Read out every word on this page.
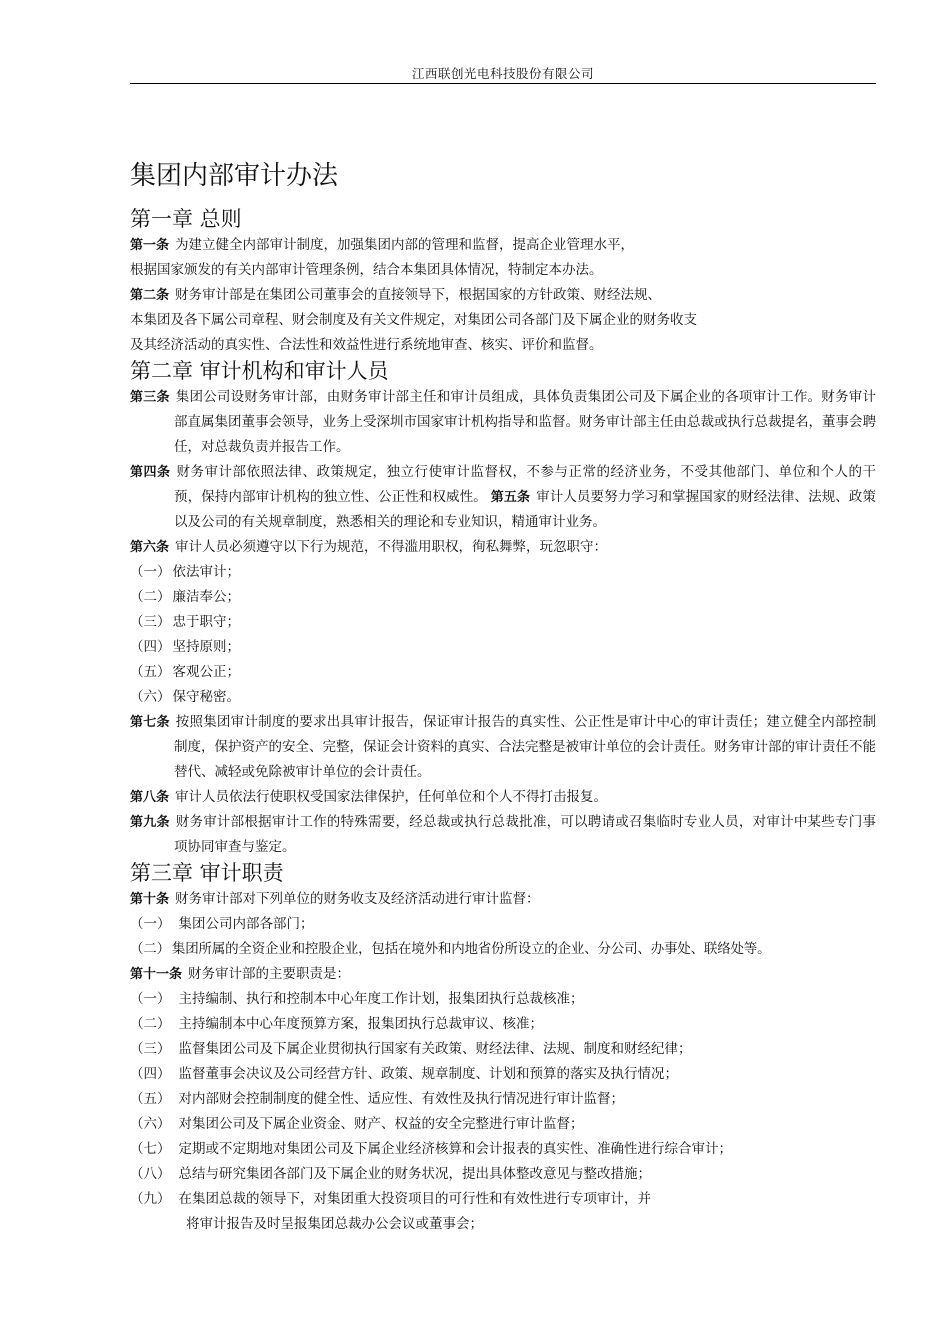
江西联创光电科技股份有限公司
集团内部审计办法
第一章 总则
第一条 为建立健全内部审计制度，加强集团内部的管理和监督，提高企业管理水平，
根据国家颁发的有关内部审计管理条例，结合本集团具体情况，特制定本办法。
第二条 财务审计部是在集团公司董事会的直接领导下，根据国家的方针政策、财经法规、
本集团及各下属公司章程、财会制度及有关文件规定，对集团公司各部门及下属企业的财务收支
及其经济活动的真实性、合法性和效益性进行系统地审查、核实、评价和监督。
第二章 审计机构和审计人员
第三条 集团公司设财务审计部，由财务审计部主任和审计员组成，具体负责集团公司及下属企业的各项审计工作。财务审计部直属集团董事会领导，业务上受深圳市国家审计机构指导和监督。财务审计部主任由总裁或执行总裁提名，董事会聘任，对总裁负责并报告工作。
第四条 财务审计部依照法律、政策规定，独立行使审计监督权，不参与正常的经济业务，不受其他部门、单位和个人的干预，保持内部审计机构的独立性、公正性和权威性。 第五条 审计人员要努力学习和掌握国家的财经法律、法规、政策以及公司的有关规章制度，熟悉相关的理论和专业知识，精通审计业务。
第六条 审计人员必须遵守以下行为规范，不得滥用职权，徇私舞弊，玩忽职守：
（一） 依法审计；
（二） 廉洁奉公；
（三） 忠于职守；
（四） 坚持原则；
（五） 客观公正；
（六） 保守秘密。
第七条 按照集团审计制度的要求出具审计报告，保证审计报告的真实性、公正性是审计中心的审计责任；建立健全内部控制制度，保护资产的安全、完整，保证会计资料的真实、合法完整是被审计单位的会计责任。财务审计部的审计责任不能替代、减轻或免除被审计单位的会计责任。
第八条 审计人员依法行使职权受国家法律保护，任何单位和个人不得打击报复。
第九条 财务审计部根据审计工作的特殊需要，经总裁或执行总裁批准，可以聘请或召集临时专业人员，对审计中某些专门事项协同审查与鉴定。
第三章 审计职责
第十条 财务审计部对下列单位的财务收支及经济活动进行审计监督：
（一） 集团公司内部各部门；
（二） 集团所属的全资企业和控股企业，包括在境外和内地省份所设立的企业、分公司、办事处、联络处等。
第十一条 财务审计部的主要职责是：
（一） 主持编制、执行和控制本中心年度工作计划，报集团执行总裁核准；
（二） 主持编制本中心年度预算方案，报集团执行总裁审议、核准；
（三） 监督集团公司及下属企业贯彻执行国家有关政策、财经法律、法规、制度和财经纪律；
（四） 监督董事会决议及公司经营方针、政策、规章制度、计划和预算的落实及执行情况；
（五） 对内部财会控制制度的健全性、适应性、有效性及执行情况进行审计监督；
（六） 对集团公司及下属企业资金、财产、权益的安全完整进行审计监督；
（七） 定期或不定期地对集团公司及下属企业经济核算和会计报表的真实性、准确性进行综合审计；
（八） 总结与研究集团各部门及下属企业的财务状况，提出具体整改意见与整改措施；
（九） 在集团总裁的领导下，对集团重大投资项目的可行性和有效性进行专项审计，并
将审计报告及时呈报集团总裁办公会议或董事会；
